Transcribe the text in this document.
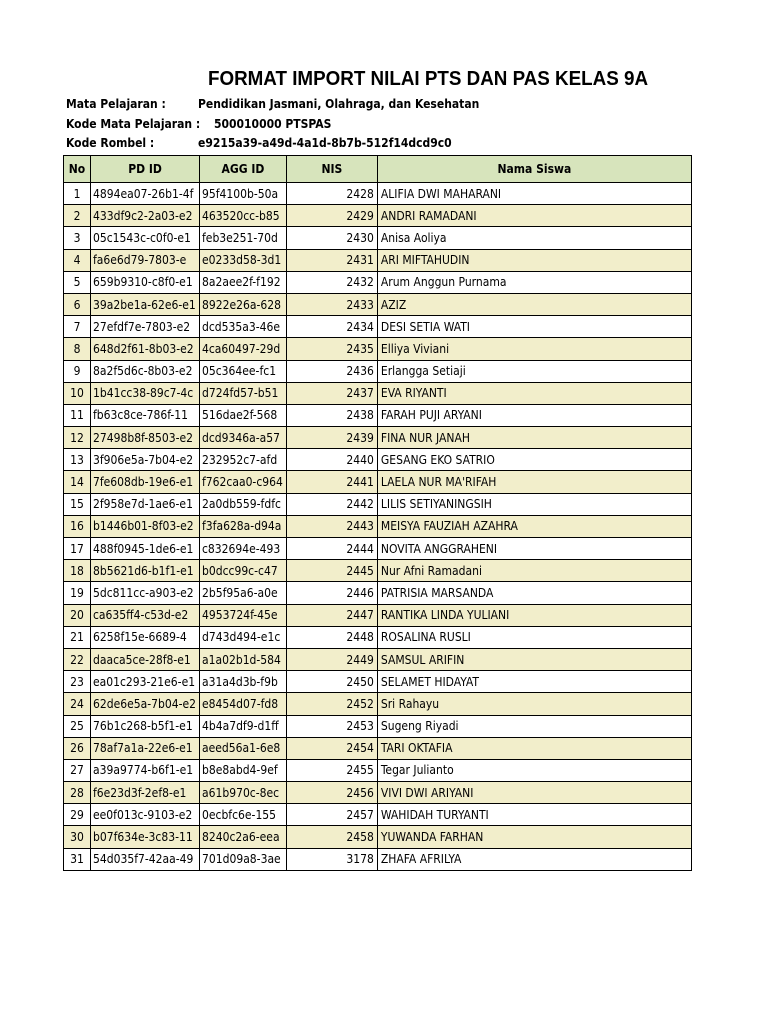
FORMAT IMPORT NILAI PTS DAN PAS KELAS 9A
Mata Pelajaran :	Pendidikan Jasmani, Olahraga, dan Kesehatan
Kode Mata Pelajaran : 500010000 PTSPAS
Kode Rombel :	e9215a39-a49d-4a1d-8b7b-512f14dcd9c0
No	PD ID	AGG ID	NIS	Nama Siswa
1	4894ea07-26b1-4f	95f4100b-50a	2428	ALIFIA DWI MAHARANI
2	433df9c2-2a03-e2	463520cc-b85	2429	ANDRI RAMADANI
3	05c1543c-c0f0-e1	feb3e251-70d	2430	Anisa Aoliya
4	fa6e6d79-7803-e	e0233d58-3d1	2431	ARI MIFTAHUDIN
5	659b9310-c8f0-e1	8a2aee2f-f192	2432	Arum Anggun Purnama
6	39a2be1a-62e6-e1	8922e26a-628	2433	AZIZ
7	27efdf7e-7803-e2	dcd535a3-46e	2434	DESI SETIA WATI
8	648d2f61-8b03-e2	4ca60497-29d	2435	Elliya Viviani
9	8a2f5d6c-8b03-e2	05c364ee-fc1	2436	Erlangga Setiaji
10	1b41cc38-89c7-4c	d724fd57-b51	2437	EVA RIYANTI
11	fb63c8ce-786f-11	516dae2f-568	2438	FARAH PUJI ARYANI
12	27498b8f-8503-e2	dcd9346a-a57	2439	FINA NUR JANAH
13	3f906e5a-7b04-e2	232952c7-afd	2440	GESANG EKO SATRIO
14	7fe608db-19e6-e1	f762caa0-c964	2441	LAELA NUR MA'RIFAH
15	2f958e7d-1ae6-e1	2a0db559-fdfc	2442	LILIS SETIYANINGSIH
16	b1446b01-8f03-e2	f3fa628a-d94a	2443	MEISYA FAUZIAH AZAHRA
17	488f0945-1de6-e1	c832694e-493	2444	NOVITA ANGGRAHENI
18	8b5621d6-b1f1-e1	b0dcc99c-c47	2445	Nur Afni Ramadani
19	5dc811cc-a903-e2	2b5f95a6-a0e	2446	PATRISIA MARSANDA
20	ca635ff4-c53d-e2	4953724f-45e	2447	RANTIKA LINDA YULIANI
21	6258f15e-6689-4	d743d494-e1c	2448	ROSALINA RUSLI
22	daaca5ce-28f8-e1	a1a02b1d-584	2449	SAMSUL ARIFIN
23	ea01c293-21e6-e1	a31a4d3b-f9b	2450	SELAMET HIDAYAT
24	62de6e5a-7b04-e2	e8454d07-fd8	2452	Sri Rahayu
25	76b1c268-b5f1-e1	4b4a7df9-d1ff	2453	Sugeng Riyadi
26	78af7a1a-22e6-e1	aeed56a1-6e8	2454	TARI OKTAFIA
27	a39a9774-b6f1-e1	b8e8abd4-9ef	2455	Tegar Julianto
28	f6e23d3f-2ef8-e1	a61b970c-8ec	2456	VIVI DWI ARIYANI
29	ee0f013c-9103-e2	0ecbfc6e-155	2457	WAHIDAH TURYANTI
30	b07f634e-3c83-11	8240c2a6-eea	2458	YUWANDA FARHAN
31	54d035f7-42aa-49	701d09a8-3ae	3178	ZHAFA AFRILYA
